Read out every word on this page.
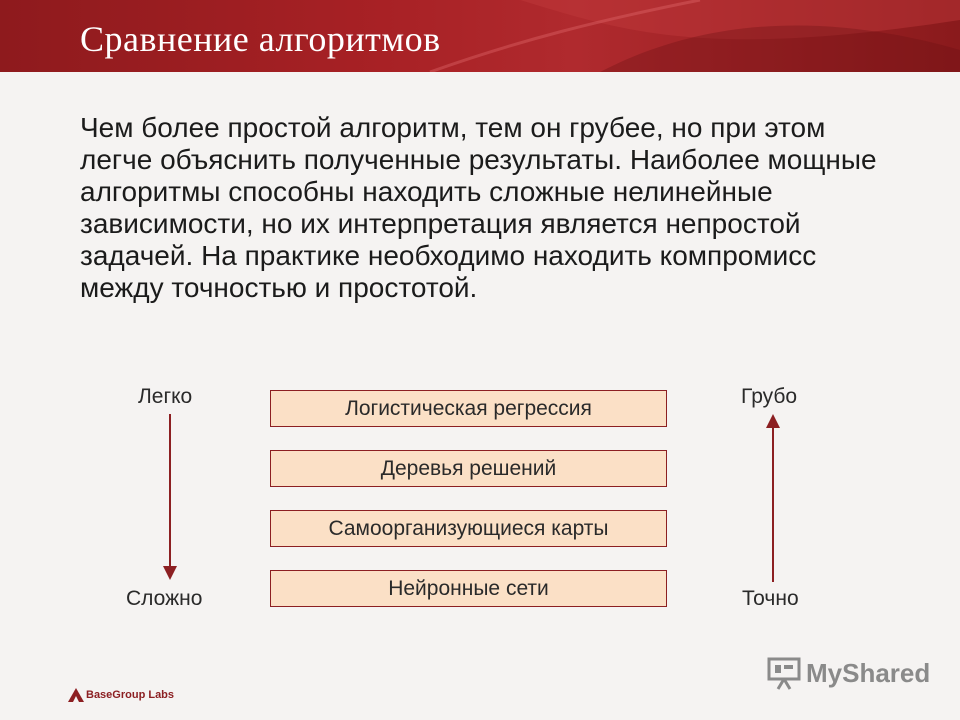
Сравнение алгоритмов
Чем более простой алгоритм, тем он грубее, но при этом легче объяснить полученные результаты. Наиболее мощные алгоритмы способны находить сложные нелинейные зависимости, но их интерпретация является непростой задачей. На практике необходимо находить компромисс между точностью и простотой.
Легко
Сложно
Грубо
Точно
Логистическая регрессия
Деревья решений
Самоорганизующиеся карты
Нейронные сети
BaseGroup Labs
MyShared
